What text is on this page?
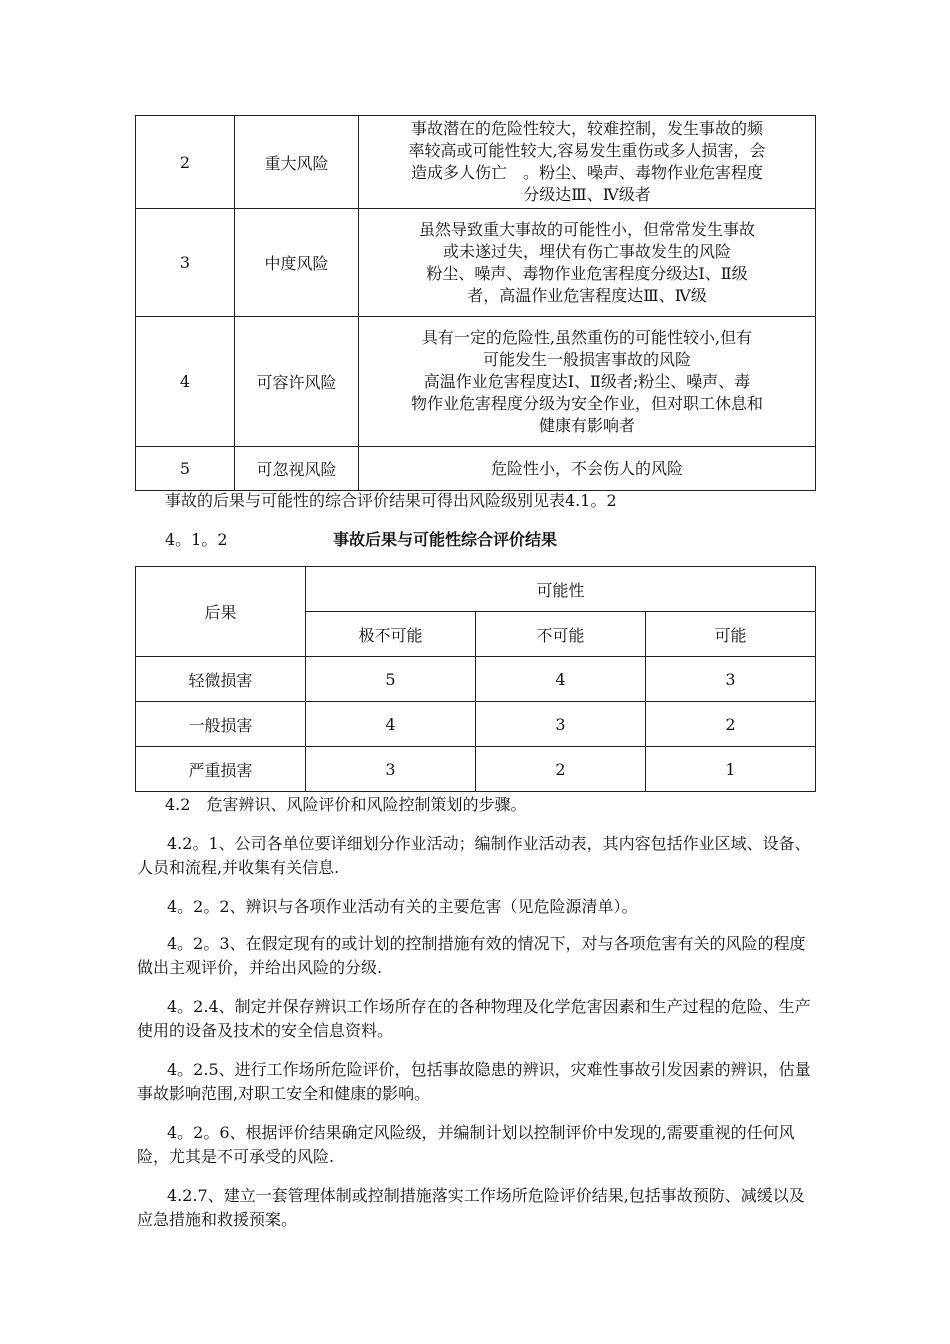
2	重大风险	事故潜在的危险性较大，较难控制，发生事故的频
率较高或可能性较大,容易发生重伤或多人损害，会
造成多人伤亡　。粉尘、噪声、毒物作业危害程度
分级达Ⅲ、Ⅳ级者

3	中度风险	虽然导致重大事故的可能性小，但常常发生事故
或未遂过失，埋伏有伤亡事故发生的风险
粉尘、噪声、毒物作业危害程度分级达Ⅰ、Ⅱ级
者，高温作业危害程度达Ⅲ、Ⅳ级

4	可容许风险	具有一定的危险性,虽然重伤的可能性较小,但有
可能发生一般损害事故的风险
高温作业危害程度达Ⅰ、Ⅱ级者;粉尘、噪声、毒
物作业危害程度分级为安全作业，但对职工休息和
健康有影响者

5	可忽视风险	危险性小，不会伤人的风险

事故的后果与可能性的综合评价结果可得出风险级别见表4.1。2

4。1。2	事故后果与可能性综合评价结果
后果	可能性		
	极不可能	不可能	可能
轻微损害	5	4	3
一般损害	4	3	2
严重损害	3	2	1

4.2　危害辨识、风险评价和风险控制策划的步骤。

4.2。1、公司各单位要详细划分作业活动；编制作业活动表，其内容包括作业区域、设备、人员和流程,并收集有关信息.

4。2。2、辨识与各项作业活动有关的主要危害（见危险源清单）。

4。2。3、在假定现有的或计划的控制措施有效的情况下，对与各项危害有关的风险的程度做出主观评价，并给出风险的分级.

4。2.4、制定并保存辨识工作场所存在的各种物理及化学危害因素和生产过程的危险、生产使用的设备及技术的安全信息资料。

4。2.5、进行工作场所危险评价，包括事故隐患的辨识，灾难性事故引发因素的辨识，估量事故影响范围,对职工安全和健康的影响。

4。2。6、根据评价结果确定风险级，并编制计划以控制评价中发现的,需要重视的任何风险，尤其是不可承受的风险.

4.2.7、建立一套管理体制或控制措施落实工作场所危险评价结果,包括事故预防、减缓以及应急措施和救援预案。
